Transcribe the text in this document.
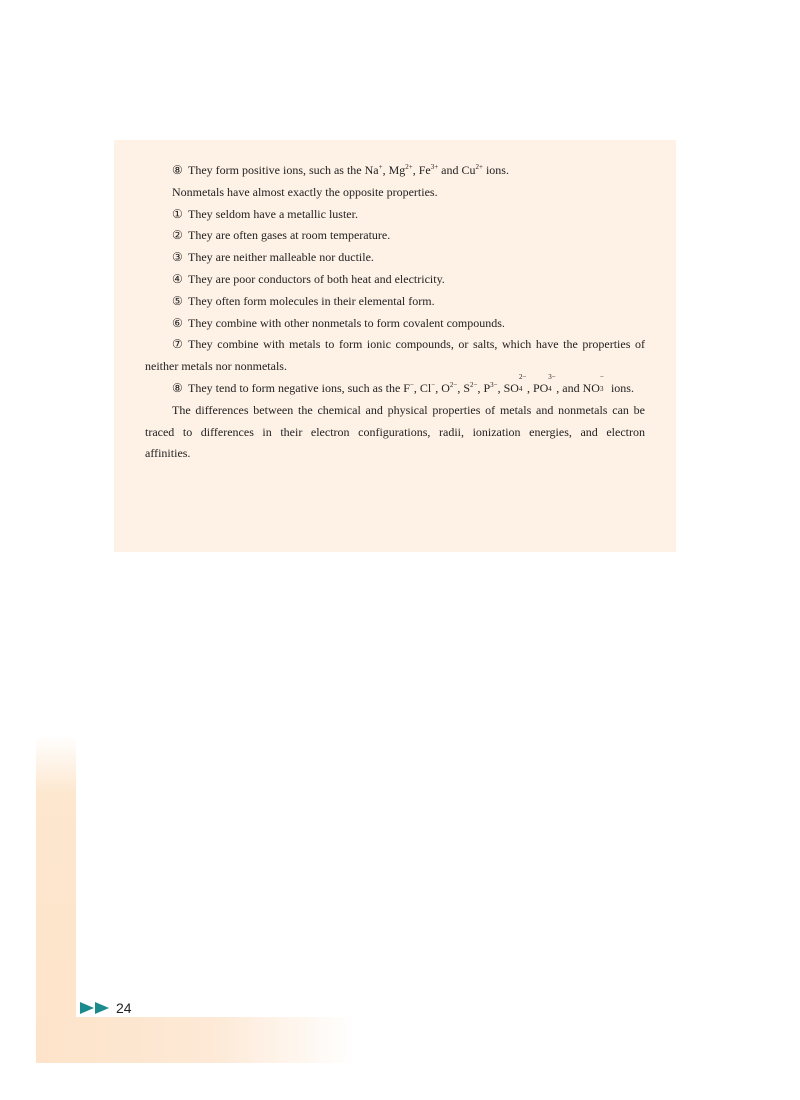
⑧ They form positive ions, such as the Na+, $Mg^{2+}$, $Fe^{3+}$ and $Cu^{2+}$ ions.

Nonmetals have almost exactly the opposite properties.

① They seldom have a metallic luster.

② They are often gases at room temperature.

③ They are neither malleable nor ductile.

④ They are poor conductors of both heat and electricity.

⑤ They often form molecules in their elemental form.

⑥ They combine with other nonmetals to form covalent compounds.

⑦ They combine with metals to form ionic compounds, or salts, which have the properties of

neither metals nor nonmetals.

⑧ They tend to form negative ions, such as the F−, Cl−, $O^{2-}$, $S^{2-}$, $P^{3-}$, SO
2−
4 , PO
3−
4 , and NO
−
3 ions.

The differences between the chemical and physical properties of metals and nonmetals can be

traced to differences in their electron configurations, radii, ionization energies, and electron

affinities.

24
